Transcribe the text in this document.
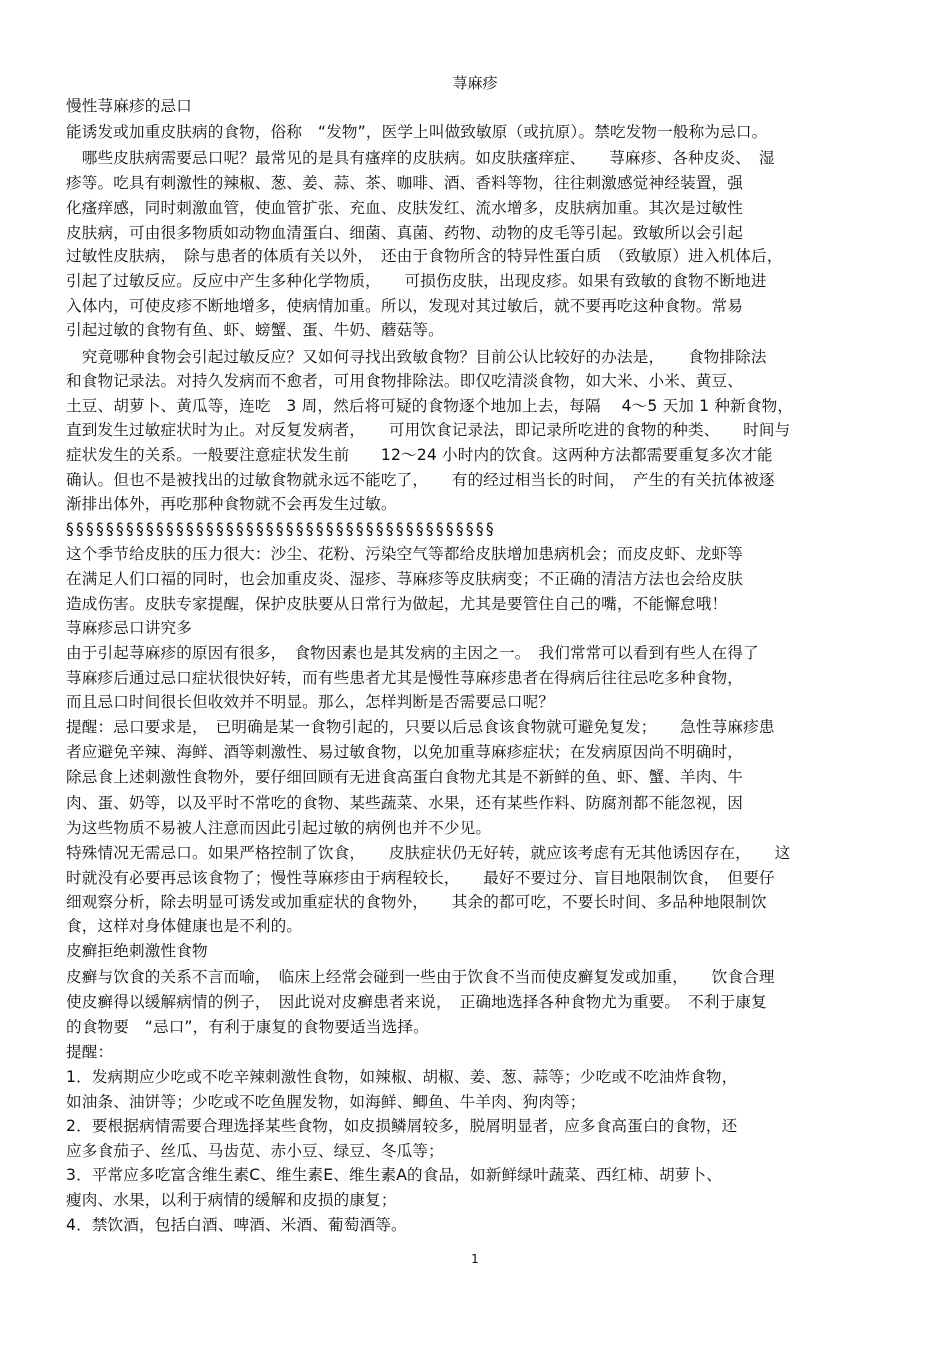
荨麻疹
慢性荨麻疹的忌口
能诱发或加重皮肤病的食物，俗称　“发物”，医学上叫做致敏原（或抗原）。禁吃发物一般称为忌口。
　哪些皮肤病需要忌口呢？最常见的是具有瘙痒的皮肤病。如皮肤瘙痒症、　　荨麻疹、各种皮炎、　湿
疹等。吃具有刺激性的辣椒、葱、姜、蒜、茶、咖啡、酒、香料等物，往往刺激感觉神经装置，强
化瘙痒感，同时刺激血管，使血管扩张、充血、皮肤发红、流水增多，皮肤病加重。其次是过敏性
皮肤病，可由很多物质如动物血清蛋白、细菌、真菌、药物、动物的皮毛等引起。致敏所以会引起
过敏性皮肤病，　除与患者的体质有关以外，　还由于食物所含的特异性蛋白质　（致敏原）进入机体后，
引起了过敏反应。反应中产生多种化学物质，　　可损伤皮肤，出现皮疹。如果有致敏的食物不断地进
入体内，可使皮疹不断地增多，使病情加重。所以，发现对其过敏后，就不要再吃这种食物。常易
引起过敏的食物有鱼、虾、螃蟹、蛋、牛奶、蘑菇等。
　究竟哪种食物会引起过敏反应？又如何寻找出致敏食物？目前公认比较好的办法是，　　食物排除法
和食物记录法。对持久发病而不愈者，可用食物排除法。即仅吃清淡食物，如大米、小米、黄豆、
土豆、胡萝卜、黄瓜等，连吃　3 周，然后将可疑的食物逐个地加上去，每隔　 4～5 天加 1 种新食物，
直到发生过敏症状时为止。对反复发病者，　　可用饮食记录法，即记录所吃进的食物的种类、　　时间与
症状发生的关系。一般要注意症状发生前　　12～24 小时内的饮食。这两种方法都需要重复多次才能
确认。但也不是被找出的过敏食物就永远不能吃了，　　有的经过相当长的时间，　产生的有关抗体被逐
渐排出体外，再吃那种食物就不会再发生过敏。
§§§§§§§§§§§§§§§§§§§§§§§§§§§§§§§§§§§§§§§§§§§
这个季节给皮肤的压力很大：沙尘、花粉、污染空气等都给皮肤增加患病机会；而皮皮虾、龙虾等
在满足人们口福的同时，也会加重皮炎、湿疹、荨麻疹等皮肤病变；不正确的清洁方法也会给皮肤
造成伤害。皮肤专家提醒，保护皮肤要从日常行为做起，尤其是要管住自己的嘴，不能懈怠哦！
荨麻疹忌口讲究多
由于引起荨麻疹的原因有很多，　食物因素也是其发病的主因之一。　我们常常可以看到有些人在得了
荨麻疹后通过忌口症状很快好转，而有些患者尤其是慢性荨麻疹患者在得病后往往忌吃多种食物，
而且忌口时间很长但收效并不明显。那么，怎样判断是否需要忌口呢？
提醒：忌口要求是，　已明确是某一食物引起的，只要以后忌食该食物就可避免复发；　　急性荨麻疹患
者应避免辛辣、海鲜、酒等刺激性、易过敏食物，以免加重荨麻疹症状；在发病原因尚不明确时，
除忌食上述刺激性食物外，要仔细回顾有无进食高蛋白食物尤其是不新鲜的鱼、虾、蟹、羊肉、牛
肉、蛋、奶等，以及平时不常吃的食物、某些蔬菜、水果，还有某些作料、防腐剂都不能忽视，因
为这些物质不易被人注意而因此引起过敏的病例也并不少见。
特殊情况无需忌口。如果严格控制了饮食，　　皮肤症状仍无好转，就应该考虑有无其他诱因存在，　　这
时就没有必要再忌该食物了；慢性荨麻疹由于病程较长，　　最好不要过分、盲目地限制饮食，　但要仔
细观察分析，除去明显可诱发或加重症状的食物外，　　其余的都可吃，不要长时间、多品种地限制饮
食，这样对身体健康也是不利的。
皮癣拒绝刺激性食物
皮癣与饮食的关系不言而喻，　临床上经常会碰到一些由于饮食不当而使皮癣复发或加重，　　饮食合理
使皮癣得以缓解病情的例子，　因此说对皮癣患者来说，　正确地选择各种食物尤为重要。　不利于康复
的食物要　“忌口”，有利于康复的食物要适当选择。
提醒：
1．发病期应少吃或不吃辛辣刺激性食物，如辣椒、胡椒、姜、葱、蒜等；少吃或不吃油炸食物，
如油条、油饼等；少吃或不吃鱼腥发物，如海鲜、鲫鱼、牛羊肉、狗肉等；
2．要根据病情需要合理选择某些食物，如皮损鳞屑较多，脱屑明显者，应多食高蛋白的食物，还
应多食茄子、丝瓜、马齿苋、赤小豆、绿豆、冬瓜等；
3．平常应多吃富含维生素C、维生素E、维生素A的食品，如新鲜绿叶蔬菜、西红柿、胡萝卜、
瘦肉、水果，以利于病情的缓解和皮损的康复；
4．禁饮酒，包括白酒、啤酒、米酒、葡萄酒等。
1
